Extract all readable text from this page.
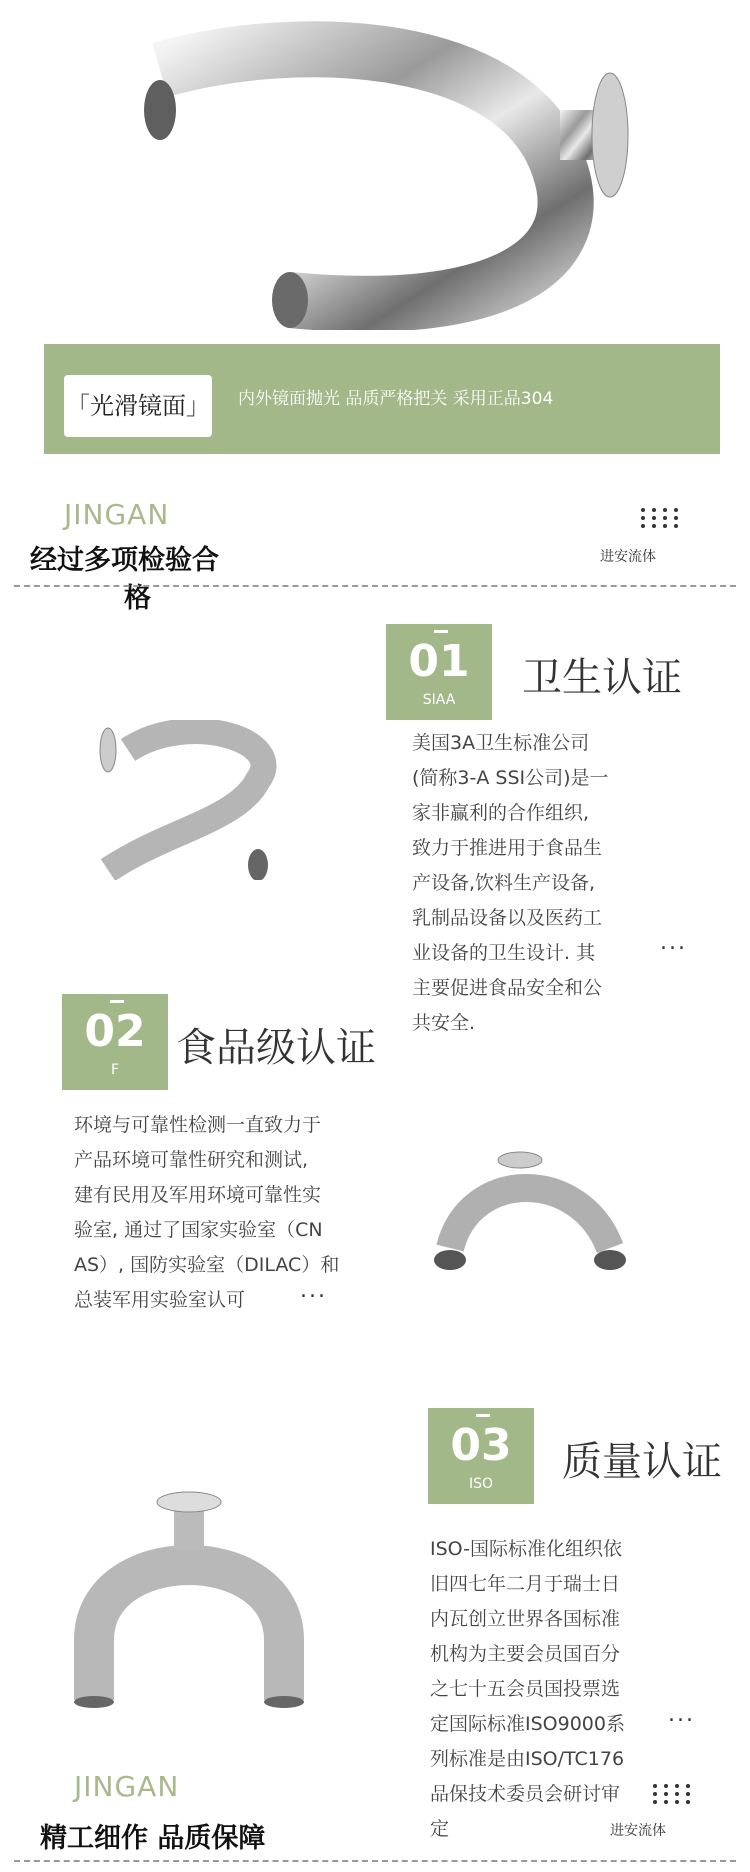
「光滑镜面」 内外镜面抛光 品质严格把关 采用正品304
JINGAN
经过多项检验合
格
进安流体
01
SIAA	卫生认证
美国3A卫生标准公司
(简称3-A SSI公司)是一
家非赢利的合作组织,
致力于推进用于食品生
产设备,饮料生产设备,
乳制品设备以及医药工
业设备的卫生设计. 其
主要促进食品安全和公
共安全.
...
02
F	食品级认证
环境与可靠性检测一直致力于
产品环境可靠性研究和测试,
建有民用及军用环境可靠性实
验室, 通过了国家实验室（CN
AS）, 国防实验室（DILAC）和
总装军用实验室认可	...
03
ISO	质量认证
ISO-国际标准化组织依
旧四七年二月于瑞士日
内瓦创立世界各国标准
机构为主要会员国百分
之七十五会员国投票选
定国际标准ISO9000系
列标准是由ISO/TC176
品保技术委员会研讨审
定
...
JINGAN
精工细作 品质保障	进安流体
